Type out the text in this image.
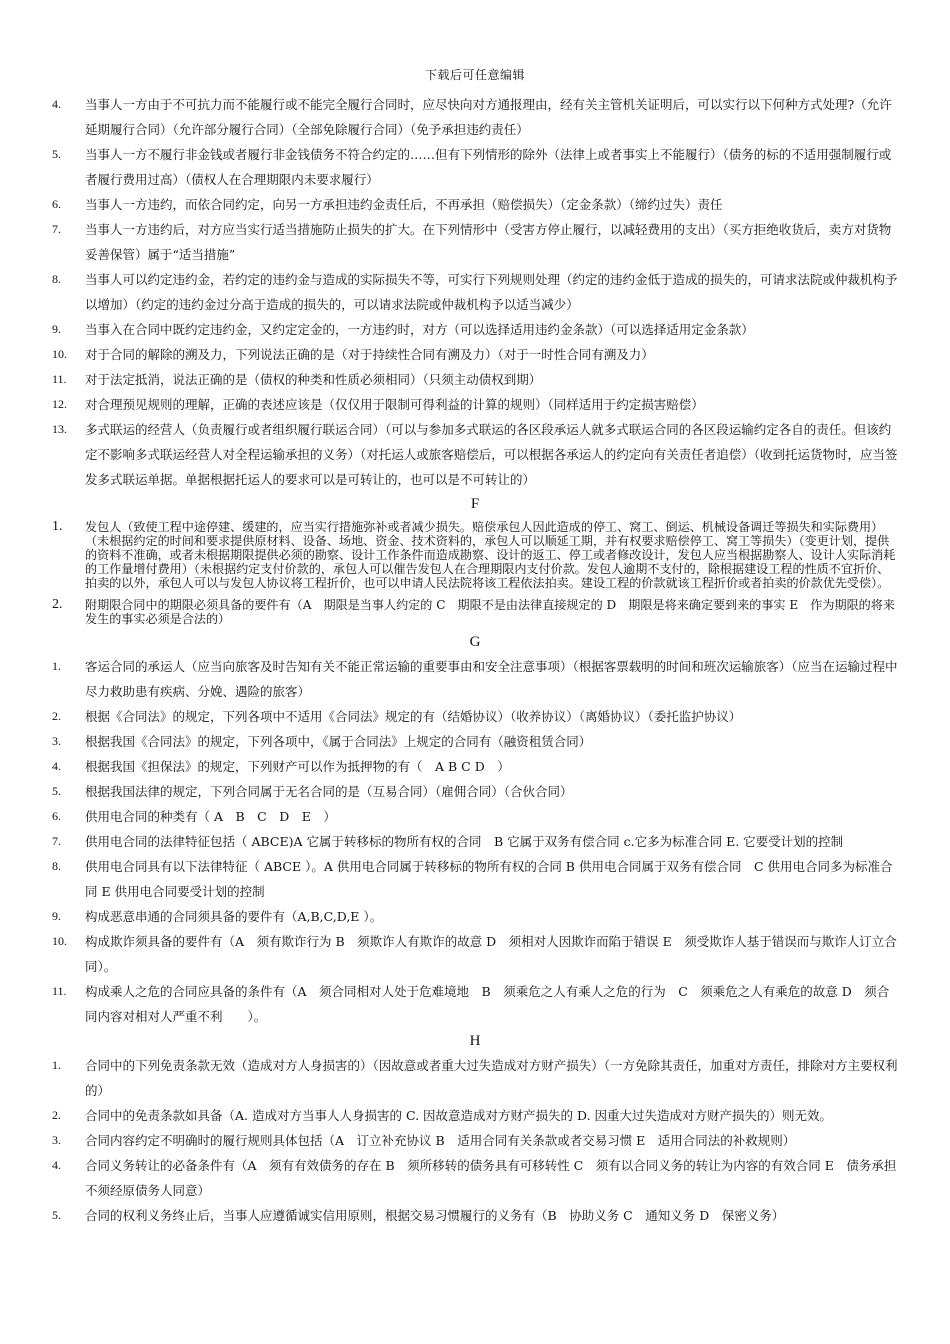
下载后可任意编辑
4.	当事人一方由于不可抗力而不能履行或不能完全履行合同时，应尽快向对方通报理由，经有关主管机关证明后，可以实行以下何种方式处理?（允许延期履行合同）（允许部分履行合同）（全部免除履行合同）（免予承担违约责任）
5.	当事人一方不履行非金钱或者履行非金钱债务不符合约定的……但有下列情形的除外（法律上或者事实上不能履行）（债务的标的不适用强制履行或者履行费用过高）（债权人在合理期限内未要求履行）
6.	当事人一方违约，而依合同约定，向另一方承担违约金责任后，不再承担（赔偿损失）（定金条款）（缔约过失）责任
7.	当事人一方违约后，对方应当实行适当措施防止损失的扩大。在下列情形中（受害方停止履行，以减轻费用的支出）（买方拒绝收货后，卖方对货物妥善保管）属于“适当措施”
8.	当事人可以约定违约金，若约定的违约金与造成的实际损失不等，可实行下列规则处理（约定的违约金低于造成的损失的，可请求法院或仲裁机构予以增加）（约定的违约金过分高于造成的损失的，可以请求法院或仲裁机构予以适当减少）
9.	当事入在合同中既约定违约金，又约定定金的，一方违约时，对方（可以选择适用违约金条款）（可以选择适用定金条款）
10.	对于合同的解除的溯及力，下列说法正确的是（对于持续性合同有溯及力）（对于一时性合同有溯及力）
11.	对于法定抵消，说法正确的是（债权的种类和性质必须相同）（只须主动债权到期）
12.	对合理预见规则的理解，正确的表述应该是（仅仅用于限制可得利益的计算的规则）（同样适用于约定损害赔偿）
13.	多式联运的经营人（负责履行或者组织履行联运合同）（可以与参加多式联运的各区段承运人就多式联运合同的各区段运输约定各自的责任。但该约定不影响多式联运经营人对全程运输承担的义务）（对托运人或旅客赔偿后，可以根据各承运人的约定向有关责任者追偿）（收到托运货物时，应当签发多式联运单据。单据根据托运人的要求可以是可转让的，也可以是不可转让的）
F
1.	发包人（致使工程中途停建、缓建的，应当实行措施弥补或者减少损失。赔偿承包人因此造成的停工、窝工、倒运、机械设备调迁等损失和实际费用）（未根据约定的时间和要求提供原材料、设备、场地、资金、技术资料的，承包人可以顺延工期，并有权要求赔偿停工、窝工等损失）（变更计划，提供的资料不准确，或者未根据期限提供必须的勘察、设计工作条件而造成勘察、设计的返工、停工或者修改设计，发包人应当根据勘察人、设计人实际消耗的工作量增付费用）（未根据约定支付价款的，承包人可以催告发包人在合理期限内支付价款。发包人逾期不支付的，除根据建设工程的性质不宜折价、拍卖的以外，承包人可以与发包人协议将工程折价，也可以申请人民法院将该工程依法拍卖。建设工程的价款就该工程折价或者拍卖的价款优先受偿）。
2.	附期限合同中的期限必须具备的要件有（A　期限是当事人约定的 C　期限不是由法律直接规定的 D　期限是将来确定要到来的事实 E　作为期限的将来发生的事实必须是合法的）
G
1.	客运合同的承运人（应当向旅客及时告知有关不能正常运输的重要事由和安全注意事项）（根据客票载明的时间和班次运输旅客）（应当在运输过程中尽力救助患有疾病、分娩、遇险的旅客）
2.	根据《合同法》的规定，下列各项中不适用《合同法》规定的有（结婚协议）（收养协议）（离婚协议）（委托监护协议）
3.	根据我国《合同法》的规定，下列各项中，《属于合同法》上规定的合同有（融资租赁合同）
4.	根据我国《担保法》的规定，下列财产可以作为抵押物的有（　A B C D　）
5.	根据我国法律的规定，下列合同属于无名合同的是（互易合同）（雇佣合同）（合伙合同）
6.	供用电合同的种类有（ A　B　C　D　E　）
7.	供用电合同的法律特征包括（ ABCE)A 它属于转移标的物所有权的合同　B 它属于双务有偿合同 c.它多为标准合同 E. 它要受计划的控制
8.	供用电合同具有以下法律特征（ ABCE ）。A 供用电合同属于转移标的物所有权的合同 B 供用电合同属于双务有偿合同　C 供用电合同多为标准合同 E 供用电合同要受计划的控制
9.	构成恶意串通的合同须具备的要件有（A,B,C,D,E ）。
10.	构成欺诈须具备的要件有（A　须有欺诈行为 B　须欺诈人有欺诈的故意 D　须相对人因欺诈而陷于错误 E　须受欺诈人基于错误而与欺诈人订立合同）。
11.	构成乘人之危的合同应具备的条件有（A　须合同相对人处于危难境地　B　须乘危之人有乘人之危的行为　C　须乘危之人有乘危的故意 D　须合同内容对相对人严重不利　　）。
H
1.	合同中的下列免责条款无效（造成对方人身损害的）（因故意或者重大过失造成对方财产损失）（一方免除其责任，加重对方责任，排除对方主要权利的）
2.	合同中的免责条款如具备（A. 造成对方当事人人身损害的 C. 因故意造成对方财产损失的 D. 因重大过失造成对方财产损失的）则无效。
3.	合同内容约定不明确时的履行规则具体包括（A　订立补充协议 B　适用合同有关条款或者交易习惯 E　适用合同法的补救规则）
4.	合同义务转让的必备条件有（A　须有有效债务的存在 B　须所移转的债务具有可移转性 C　须有以合同义务的转让为内容的有效合同 E　债务承担不须经原债务人同意）
5.	合同的权利义务终止后，当事人应遵循诚实信用原则，根据交易习惯履行的义务有（B　协助义务 C　通知义务 D　保密义务）
